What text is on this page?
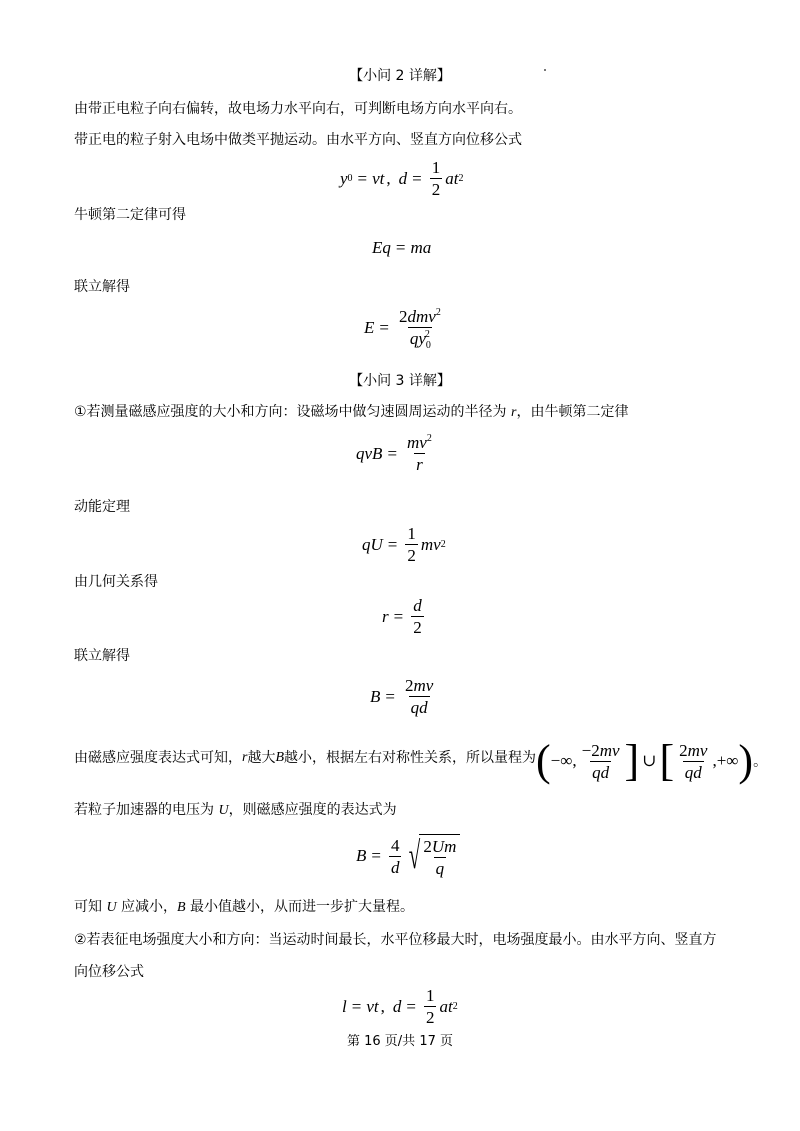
【小问 2 详解】
由带正电粒子向右偏转，故电场力水平向右，可判断电场方向水平向右。
带正电的粒子射入电场中做类平抛运动。由水平方向、竖直方向位移公式
y 0 = vt , $d = \frac{1}{2}$ at 2
牛顿第二定律可得
Eq = ma
联立解得
$E = \frac{2dmv^2}{qy_0^2}$
【小问 3 详解】
①若测量磁感应强度的大小和方向：设磁场中做匀速圆周运动的半径为 r，由牛顿第二定律
qvB = $\frac{mv^2}{r}$
动能定理
qU = $\frac{1}{2}$ mv 2
由几何关系得
$r = \frac{d}{2}$
联立解得
$B = \frac{2mv}{qd}$
由磁感应强度表达式可知， r 越大 B 越小，根据左右对称性关系，所以量程为 ( −∞, $\frac{-2mv}{qd}$ ] ∪ [ $\frac{2mv}{qd}$ ,+∞ ) 。
若粒子加速器的电压为 U，则磁感应强度的表达式为
$B = \frac{4}{d}$ √ $\frac{2Um}{q}$
可知 U 应减小，B 最小值越小，从而进一步扩大量程。
②若表征电场强度大小和方向：当运动时间最长，水平位移最大时，电场强度最小。由水平方向、竖直方
向位移公式
l = vt , $d = \frac{1}{2}$ at 2
第 16 页/共 17 页
